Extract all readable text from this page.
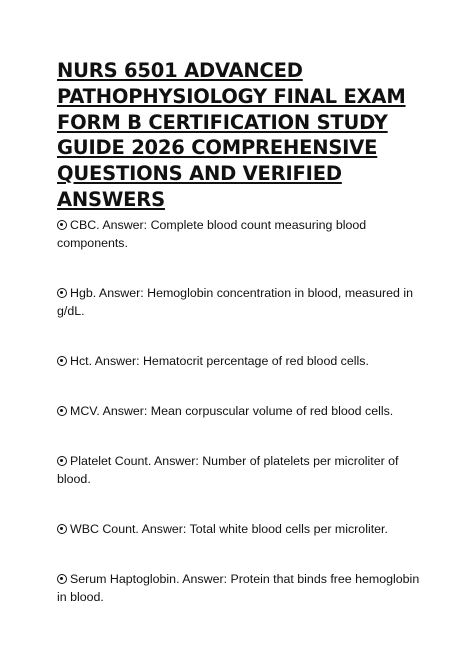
NURS 6501 ADVANCED PATHOPHYSIOLOGY FINAL EXAM FORM B CERTIFICATION STUDY GUIDE 2026 COMPREHENSIVE QUESTIONS AND VERIFIED ANSWERS
CBC. Answer: Complete blood count measuring blood components.
Hgb. Answer: Hemoglobin concentration in blood, measured in g/dL.
Hct. Answer: Hematocrit percentage of red blood cells.
MCV. Answer: Mean corpuscular volume of red blood cells.
Platelet Count. Answer: Number of platelets per microliter of blood.
WBC Count. Answer: Total white blood cells per microliter.
Serum Haptoglobin. Answer: Protein that binds free hemoglobin in blood.
